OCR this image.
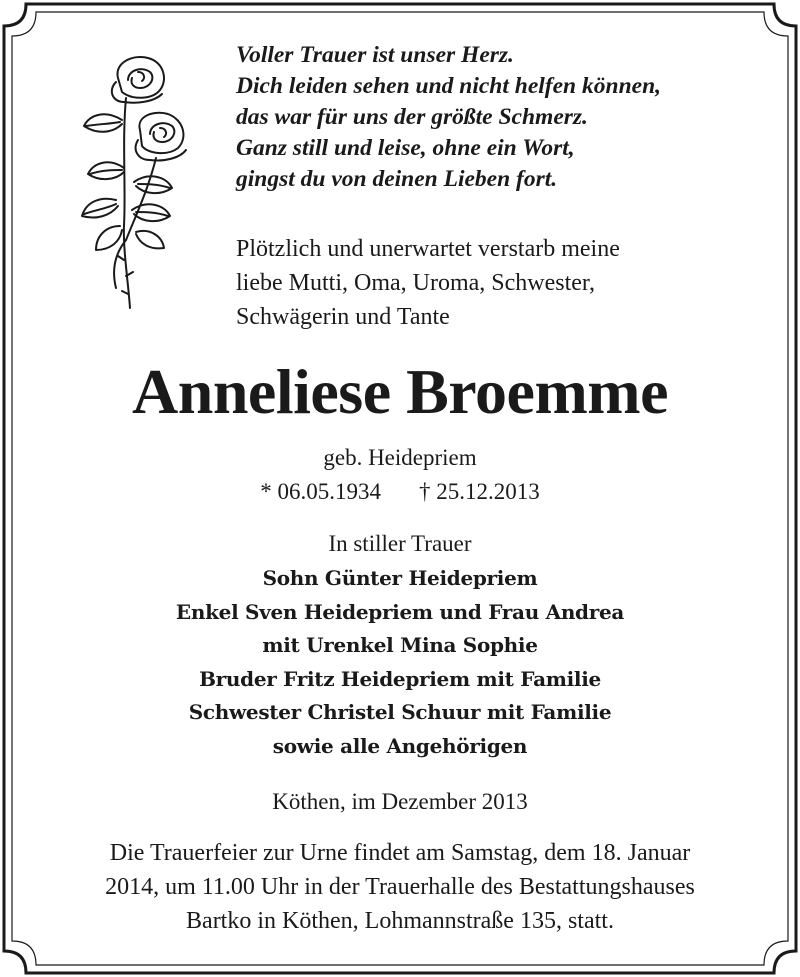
Voller Trauer ist unser Herz.
Dich leiden sehen und nicht helfen können,
das war für uns der größte Schmerz.
Ganz still und leise, ohne ein Wort,
gingst du von deinen Lieben fort.
Plötzlich und unerwartet verstarb meine
liebe Mutti, Oma, Uroma, Schwester,
Schwägerin und Tante
Anneliese Broemme
geb. Heidepriem
* 06.05.1934 † 25.12.2013
In stiller Trauer
Sohn Günter Heidepriem
Enkel Sven Heidepriem und Frau Andrea
mit Urenkel Mina Sophie
Bruder Fritz Heidepriem mit Familie
Schwester Christel Schuur mit Familie
sowie alle Angehörigen
Köthen, im Dezember 2013
Die Trauerfeier zur Urne findet am Samstag, dem 18. Januar
2014, um 11.00 Uhr in der Trauerhalle des Bestattungshauses
Bartko in Köthen, Lohmannstraße 135, statt.
